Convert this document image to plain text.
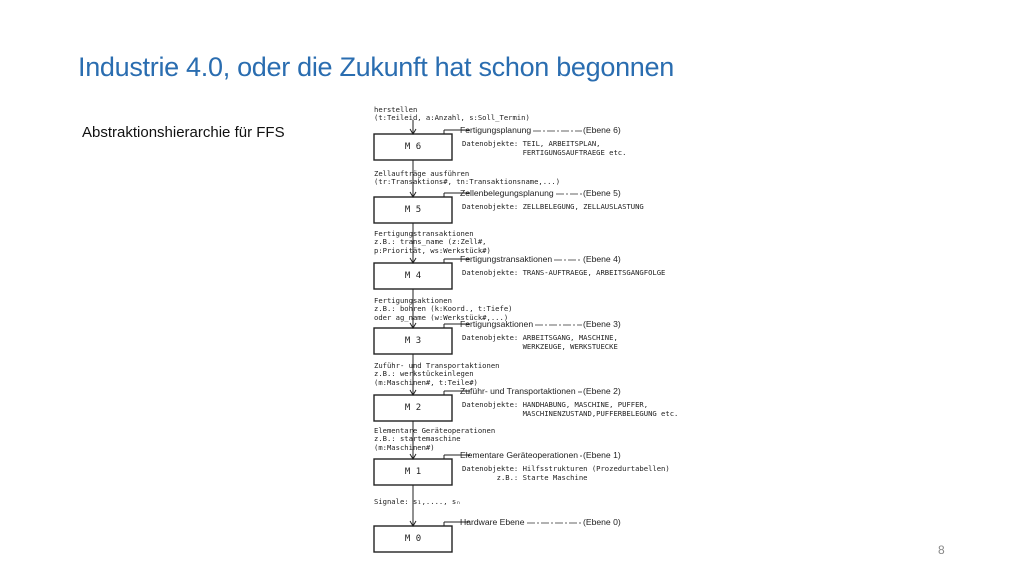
Industrie 4.0, oder die Zukunft hat schon begonnen
Abstraktionshierarchie für FFS
M 6
M 5
M 4
M 3
M 2
M 1
M 0
herstellen
(t:Teileid, a:Anzahl, s:Soll_Termin)
Zellaufträge ausführen
(tr:Transaktions#, tn:Transaktionsname,...)
Fertigungstransaktionen
z.B.: trans_name (z:Zell#,
p:Priorität, ws:Werkstück#)
Fertigungsaktionen
z.B.: bohren (k:Koord., t:Tiefe)
oder ag_name (w:Werkstück#,...)
Zuführ- und Transportaktionen
z.B.: werkstückeinlegen
(m:Maschinen#, t:Teile#)
Elementare Geräteoperationen
z.B.: startemaschine
(m:Maschinen#)
Signale: s₁,...., sₙ
Fertigungsplanung	(Ebene 6)
Datenobjekte: TEIL, ARBEITSPLAN,
FERTIGUNGSAUFTRAEGE etc.
Zellenbelegungsplanung	(Ebene 5)
Datenobjekte: ZELLBELEGUNG, ZELLAUSLASTUNG
Fertigungstransaktionen	(Ebene 4)
Datenobjekte: TRANS-AUFTRAEGE, ARBEITSGANGFOLGE
Fertigungsaktionen	(Ebene 3)
Datenobjekte: ARBEITSGANG, MASCHINE,
WERKZEUGE, WERKSTUECKE
Zuführ- und Transportaktionen (Ebene 2)
Datenobjekte: HANDHABUNG, MASCHINE, PUFFER,
MASCHINENZUSTAND,PUFFERBELEGUNG etc.
Elementare Geräteoperationen (Ebene 1)
Datenobjekte: Hilfsstrukturen (Prozedurtabellen)
z.B.: Starte Maschine
Hardware Ebene	(Ebene 0)
8
